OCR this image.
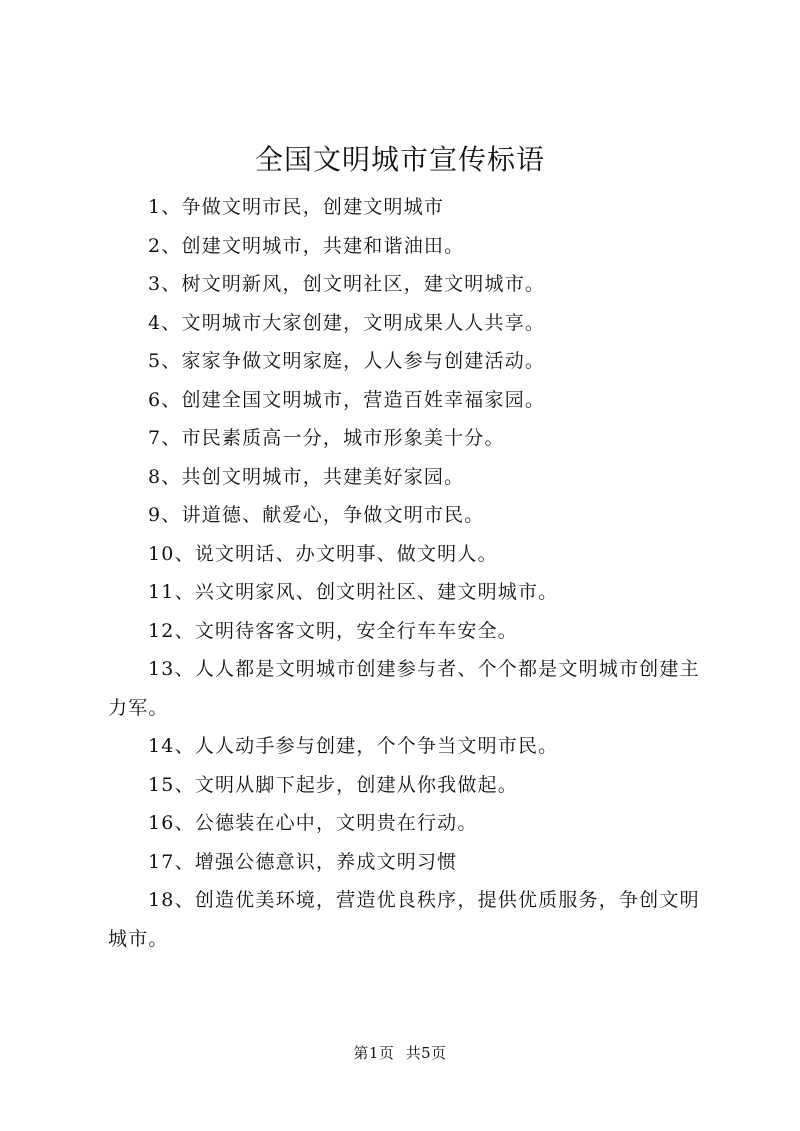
全国文明城市宣传标语

1、争做文明市民，创建文明城市

2、创建文明城市，共建和谐油田。

3、树文明新风，创文明社区，建文明城市。

4、文明城市大家创建，文明成果人人共享。

5、家家争做文明家庭，人人参与创建活动。

6、创建全国文明城市，营造百姓幸福家园。

7、市民素质高一分，城市形象美十分。

8、共创文明城市，共建美好家园。

9、讲道德、献爱心，争做文明市民。

10、说文明话、办文明事、做文明人。

11、兴文明家风、创文明社区、建文明城市。

12、文明待客客文明，安全行车车安全。

13、人人都是文明城市创建参与者、个个都是文明城市创建主力军。

14、人人动手参与创建，个个争当文明市民。

15、文明从脚下起步，创建从你我做起。

16、公德装在心中，文明贵在行动。

17、增强公德意识，养成文明习惯

18、创造优美环境，营造优良秩序，提供优质服务，争创文明城市。

第1页 共5页
